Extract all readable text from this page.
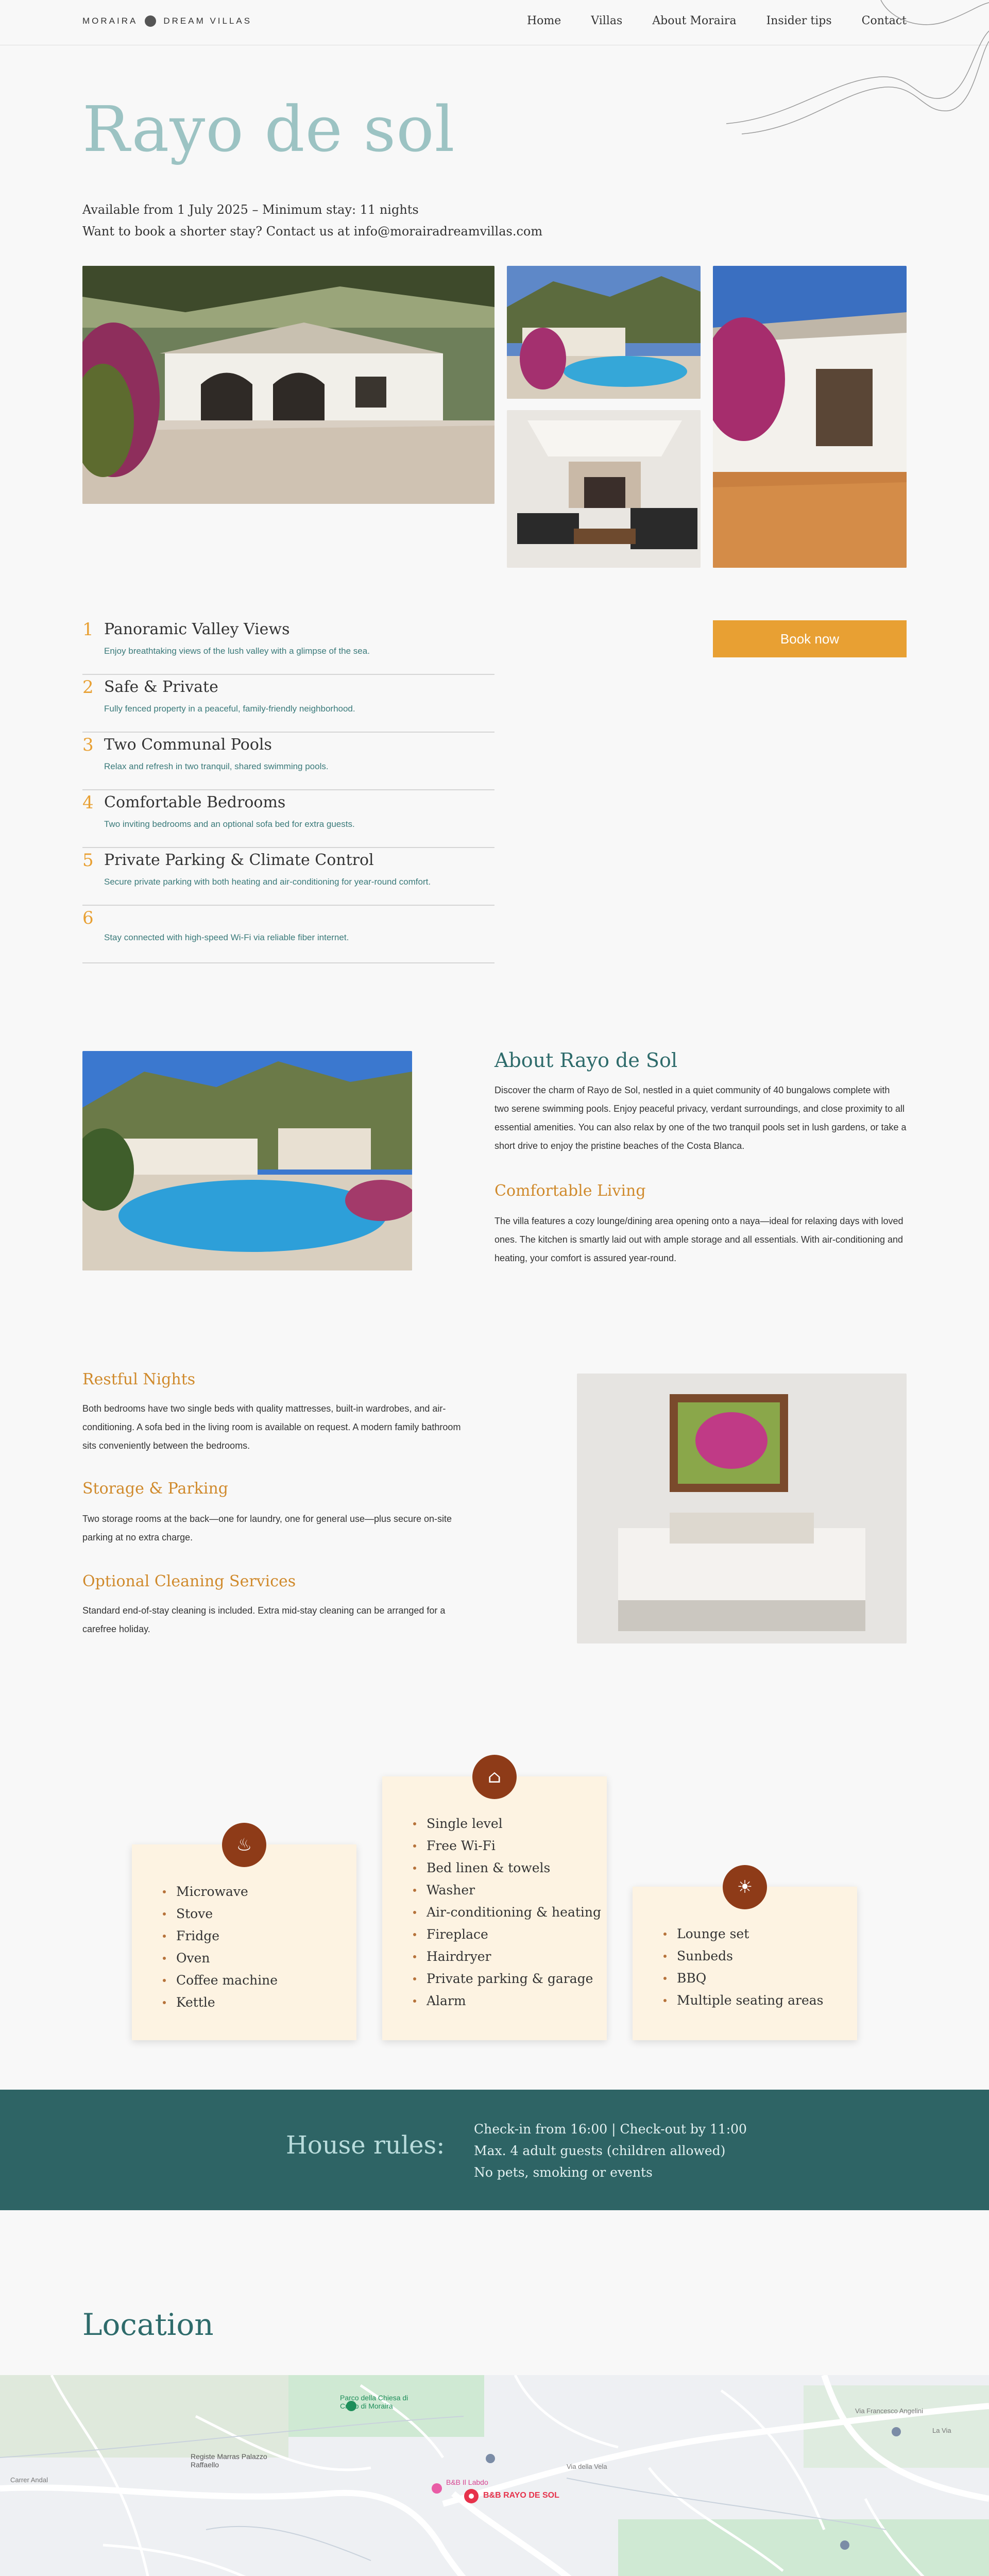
MORAIRA	DREAM VILLAS	Home	Villas	About Moraira	Insider tips	Contact
Rayo de sol
Available from 1 July 2025 – Minimum stay: 11 nights
Want to book a shorter stay? Contact us at info@morairadreamvillas.com
1 Panoramic Valley Views
Enjoy breathtaking views of the lush valley with a glimpse of the sea.
2 Safe & Private
Fully fenced property in a peaceful, family-friendly neighborhood.
3 Two Communal Pools
Relax and refresh in two tranquil, shared swimming pools.
4 Comfortable Bedrooms
Two inviting bedrooms and an optional sofa bed for extra guests.
5 Private Parking & Climate Control
Secure private parking with both heating and air-conditioning for year-round comfort.
6
Stay connected with high-speed Wi-Fi via reliable fiber internet.
Book now
About Rayo de Sol

Discover the charm of Rayo de Sol, nestled in a quiet community of 40 bungalows complete with two serene swimming pools. Enjoy peaceful privacy, verdant surroundings, and close proximity to all essential amenities. You can also relax by one of the two tranquil pools set in lush gardens, or take a short drive to enjoy the pristine beaches of the Costa Blanca.

Comfortable Living

The villa features a cozy lounge/dining area opening onto a naya—ideal for relaxing days with loved ones. The kitchen is smartly laid out with ample storage and all essentials. With air-conditioning and heating, your comfort is assured year-round.

Restful Nights

Both bedrooms have two single beds with quality mattresses, built-in wardrobes, and air-conditioning. A sofa bed in the living room is available on request. A modern family bathroom sits conveniently between the bedrooms.

Storage & Parking

Two storage rooms at the back—one for laundry, one for general use—plus secure on-site parking at no extra charge.

Optional Cleaning Services

Standard end-of-stay cleaning is included. Extra mid-stay cleaning can be arranged for a carefree holiday.

♨
Microwave
Stove
Fridge
Oven
Coffee machine
Kettle
⌂
Single level
Free Wi-Fi
Bed linen & towels
Washer
Air-conditioning & heating
Fireplace
Hairdryer
Private parking & garage
Alarm
☀
Lounge set
Sunbeds
BBQ
Multiple seating areas
House rules:
Check-in from 16:00 | Check-out by 11:00
Max. 4 adult guests (children allowed)
No pets, smoking or events
Location
B&B RAYO DE SOL
B&B Il Labdo
Parco della Chiesa di Cristo di Moraira
Registe Marras Palazzo Raffaello
Via Francesco Angelini
La Via
Via della Vela
Carrer Andal
